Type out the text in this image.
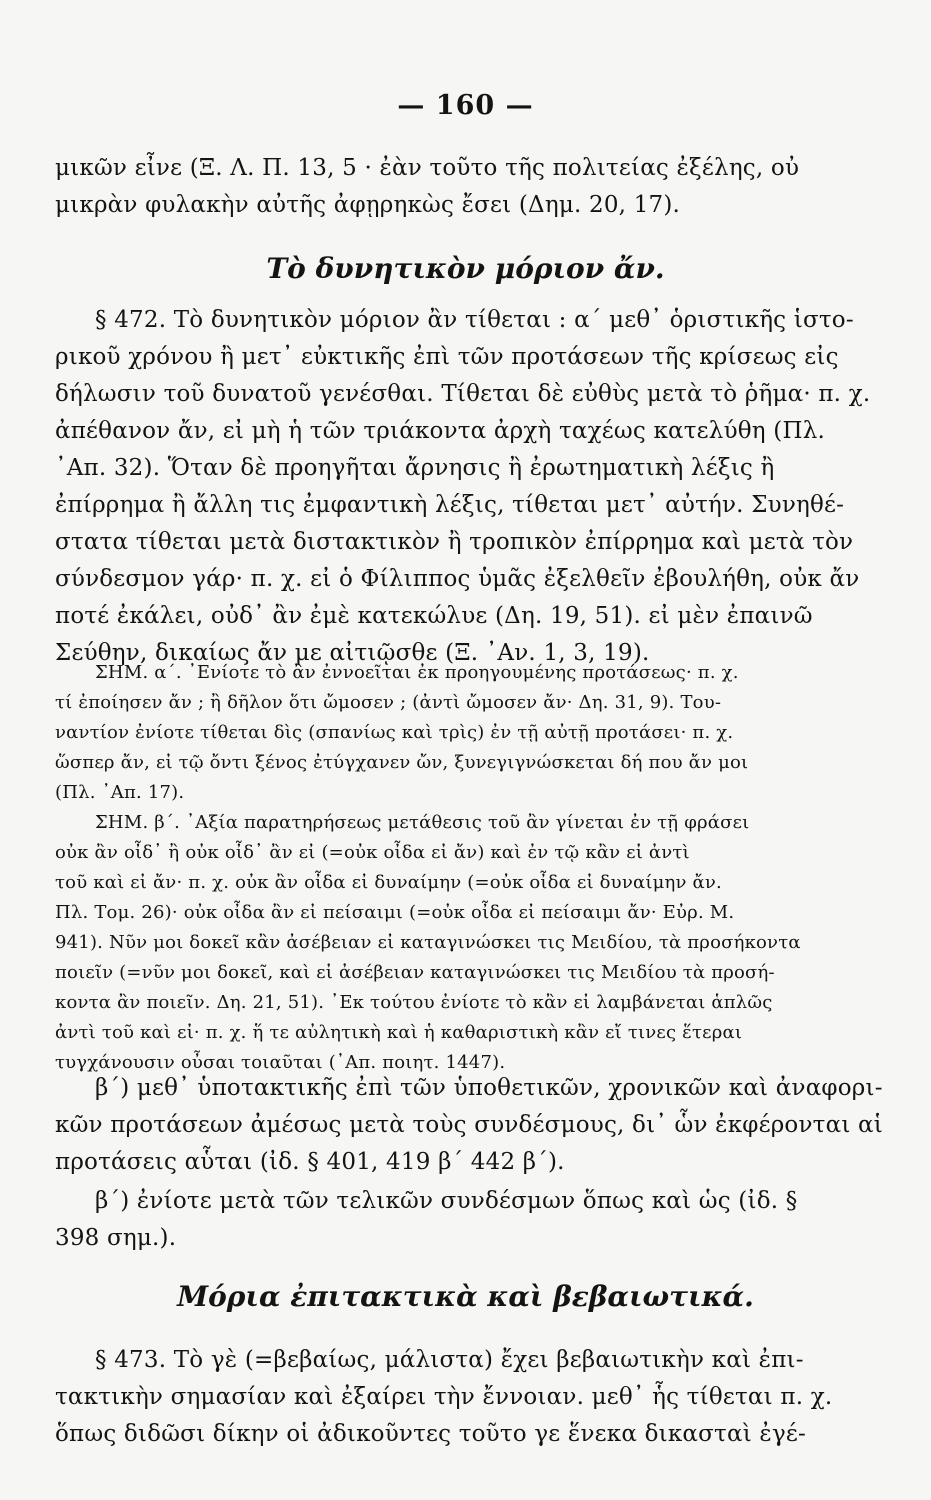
— 160 —
μικῶν εἶνε (Ξ. Λ. Π. 13, 5 · ἐὰν τοῦτο τῆς πολιτείας ἐξέλης, οὐ
μικρὰν φυλακὴν αὐτῆς ἀφῃρηκὼς ἔσει (Δημ. 20, 17).
Τὸ δυνητικὸν μόριον ἄν.
§ 472. Τὸ δυνητικὸν μόριον ἂν τίθεται : α΄ μεθ᾽ ὁριστικῆς ἱστο-
ρικοῦ χρόνου ἢ μετ᾽ εὐκτικῆς ἐπὶ τῶν προτάσεων τῆς κρίσεως εἰς
δήλωσιν τοῦ δυνατοῦ γενέσθαι. Τίθεται δὲ εὐθὺς μετὰ τὸ ῥῆμα· π. χ.
ἀπέθανον ἄν, εἰ μὴ ἡ τῶν τριάκοντα ἀρχὴ ταχέως κατελύθη (Πλ.
᾽Απ. 32). Ὅταν δὲ προηγῆται ἄρνησις ἢ ἐρωτηματικὴ λέξις ἢ
ἐπίρρημα ἢ ἄλλη τις ἐμφαντικὴ λέξις, τίθεται μετ᾽ αὐτήν. Συνηθέ-
στατα τίθεται μετὰ διστακτικὸν ἢ τροπικὸν ἐπίρρημα καὶ μετὰ τὸν
σύνδεσμον γάρ· π. χ. εἰ ὁ Φίλιππος ὑμᾶς ἐξελθεῖν ἐβουλήθη, οὐκ ἄν
ποτέ ἐκάλει, οὐδ᾽ ἂν ἐμὲ κατεκώλυε (Δη. 19, 51). εἰ μὲν ἐπαινῶ
Σεύθην, δικαίως ἄν με αἰτιῷσθε (Ξ. ᾽Αν. 1, 3, 19).
ΣΗΜ. α΄. ᾽Ενίοτε τὸ ἂν ἐννοεῖται ἐκ προηγουμένης προτάσεως· π. χ.
τί ἐποίησεν ἄν ; ἢ δῆλον ὅτι ὤμοσεν ; (ἀντὶ ὤμοσεν ἄν· Δη. 31, 9). Του-
ναντίον ἐνίοτε τίθεται δὶς (σπανίως καὶ τρὶς) ἐν τῇ αὐτῇ προτάσει· π. χ.
ὥσπερ ἄν, εἰ τῷ ὄντι ξένος ἐτύγχανεν ὤν, ξυνεγιγνώσκεται δή που ἄν μοι
(Πλ. ᾽Απ. 17).
ΣΗΜ. β΄. ᾽Αξία παρατηρήσεως μετάθεσις τοῦ ἂν γίνεται ἐν τῇ φράσει
οὐκ ἂν οἶδ᾽ ἢ οὐκ οἶδ᾽ ἂν εἰ (=οὐκ οἶδα εἰ ἄν) καὶ ἐν τῷ κἂν εἰ ἀντὶ
τοῦ καὶ εἰ ἄν· π. χ. οὐκ ἂν οἶδα εἰ δυναίμην (=οὐκ οἶδα εἰ δυναίμην ἄν.
Πλ. Τομ. 26)· οὐκ οἶδα ἂν εἰ πείσαιμι (=οὐκ οἶδα εἰ πείσαιμι ἄν· Εὐρ. Μ.
941). Νῦν μοι δοκεῖ κἂν ἀσέβειαν εἰ καταγινώσκει τις Μειδίου, τὰ προσήκοντα
ποιεῖν (=νῦν μοι δοκεῖ, καὶ εἰ ἀσέβειαν καταγινώσκει τις Μειδίου τὰ προσή-
κοντα ἂν ποιεῖν. Δη. 21, 51). ᾽Εκ τούτου ἐνίοτε τὸ κἂν εἰ λαμβάνεται ἁπλῶς
ἀντὶ τοῦ καὶ εἰ· π. χ. ἥ τε αὐλητικὴ καὶ ἡ καθαριστικὴ κἂν εἴ τινες ἕτεραι
τυγχάνουσιν οὖσαι τοιαῦται (᾽Απ. ποιητ. 1447).
β΄) μεθ᾽ ὑποτακτικῆς ἐπὶ τῶν ὑποθετικῶν, χρονικῶν καὶ ἀναφορι-
κῶν προτάσεων ἀμέσως μετὰ τοὺς συνδέσμους, δι᾽ ὧν ἐκφέρονται αἱ
προτάσεις αὗται (ἰδ. § 401, 419 β΄ 442 β΄).
β΄) ἐνίοτε μετὰ τῶν τελικῶν συνδέσμων ὅπως καὶ ὡς (ἰδ. §
398 σημ.).
Μόρια ἐπιτακτικὰ καὶ βεβαιωτικά.
§ 473. Τὸ γὲ (=βεβαίως, μάλιστα) ἔχει βεβαιωτικὴν καὶ ἐπι-
τακτικὴν σημασίαν καὶ ἐξαίρει τὴν ἔννοιαν. μεθ᾽ ἧς τίθεται π. χ.
ὅπως διδῶσι δίκην οἱ ἀδικοῦντες τοῦτο γε ἕνεκα δικασταὶ ἐγέ-
